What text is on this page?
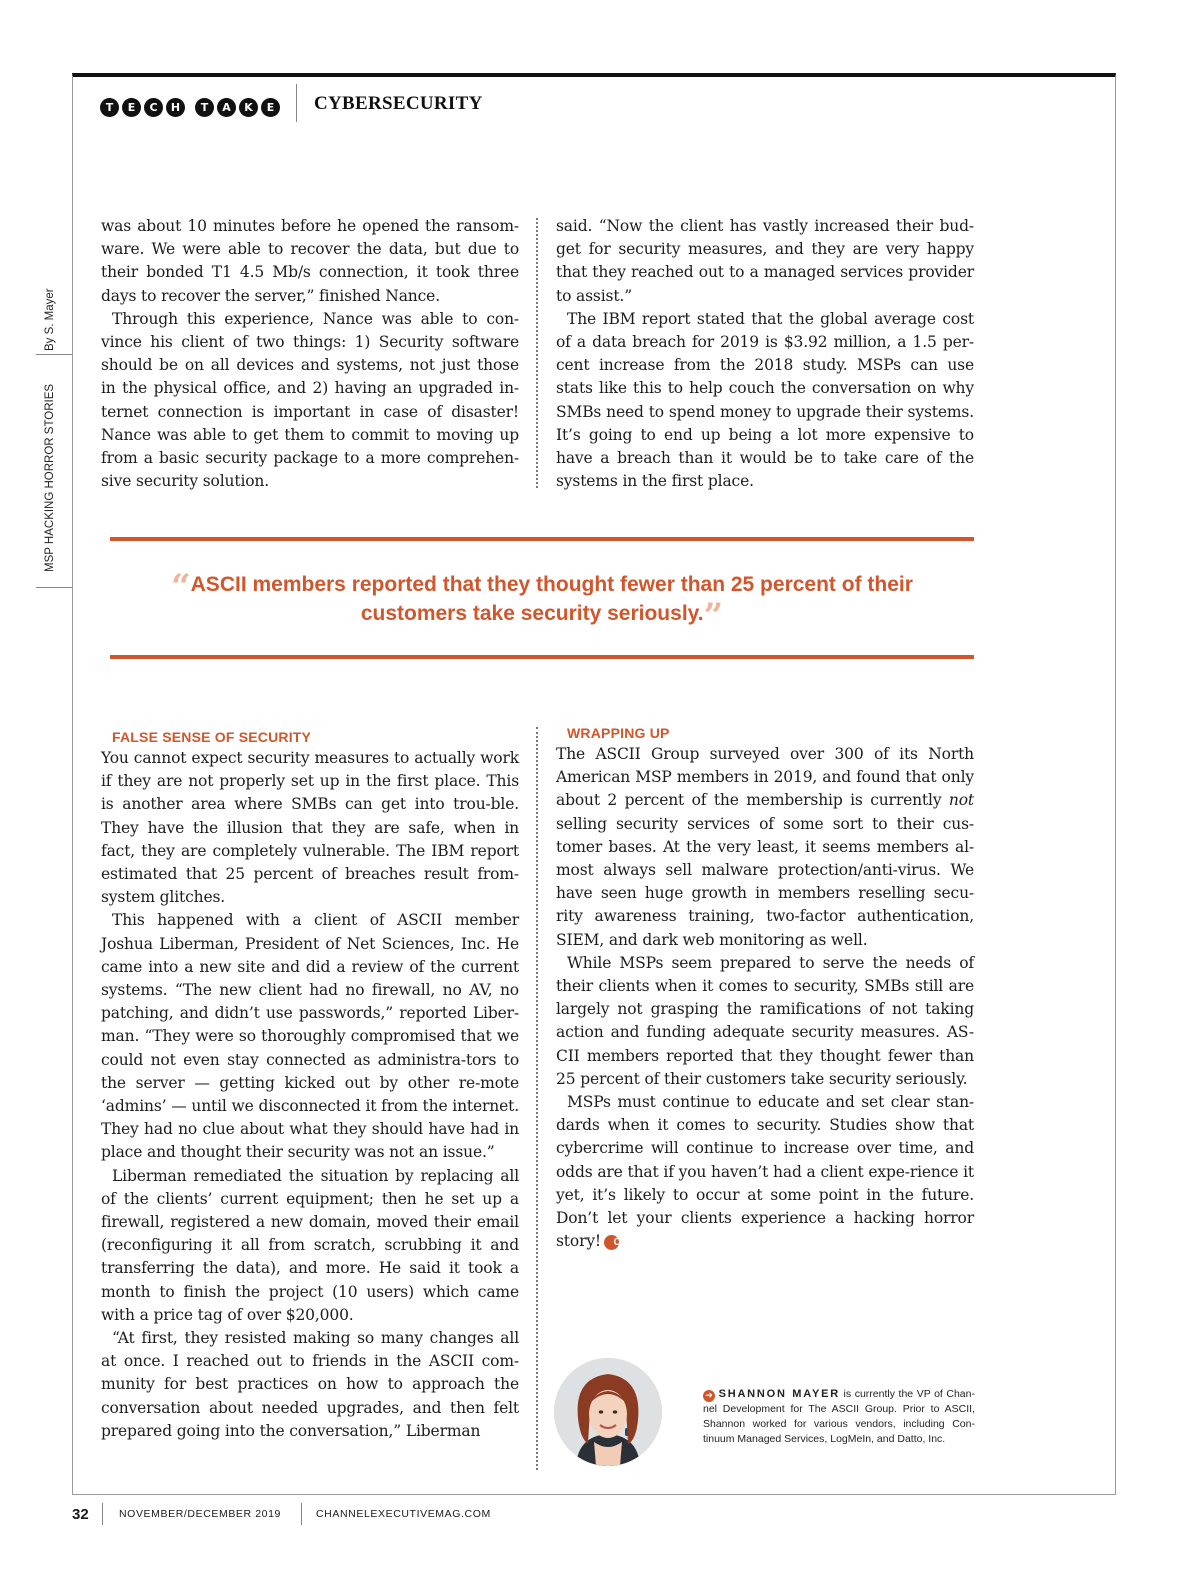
T	E	C	H	T	A	K	E	CYBERSECURITY
By S. Mayer
MSP HACKING HORROR STORIES

was about 10 minutes before he opened the ransom-ware. We were able to recover the data, but due to their bonded T1 4.5 Mb/s connection, it took three days to recover the server,” finished Nance.

Through this experience, Nance was able to con-vince his client of two things: 1) Security software should be on all devices and systems, not just those in the physical office, and 2) having an upgraded in-ternet connection is important in case of disaster! Nance was able to get them to commit to moving up from a basic security package to a more comprehen-sive security solution.

said. “Now the client has vastly increased their bud-get for security measures, and they are very happy that they reached out to a managed services provider to assist.”

The IBM report stated that the global average cost of a data breach for 2019 is $3.92 million, a 1.5 per-cent increase from the 2018 study. MSPs can use stats like this to help couch the conversation on why SMBs need to spend money to upgrade their systems. It’s going to end up being a lot more expensive to have a breach than it would be to take care of the systems in the first place.

“ASCII members reported that they thought fewer than 25 percent of their customers take security seriously.”

FALSE SENSE OF SECURITY

You cannot expect security measures to actually work if they are not properly set up in the first place. This is another area where SMBs can get into trou-ble. They have the illusion that they are safe, when in fact, they are completely vulnerable. The IBM report estimated that 25 percent of breaches result from-system glitches.

This happened with a client of ASCII member Joshua Liberman, President of Net Sciences, Inc. He came into a new site and did a review of the current systems. “The new client had no firewall, no AV, no patching, and didn’t use passwords,” reported Liber-man. “They were so thoroughly compromised that we could not even stay connected as administra-tors to the server — getting kicked out by other re-mote ‘admins’ — until we disconnected it from the internet. They had no clue about what they should have had in place and thought their security was not an issue.”

Liberman remediated the situation by replacing all of the clients’ current equipment; then he set up a firewall, registered a new domain, moved their email (reconfiguring it all from scratch, scrubbing it and transferring the data), and more. He said it took a month to finish the project (10 users) which came with a price tag of over $20,000.

“At first, they resisted making so many changes all at once. I reached out to friends in the ASCII com-munity for best practices on how to approach the conversation about needed upgrades, and then felt prepared going into the conversation,” Liberman

WRAPPING UP

The ASCII Group surveyed over 300 of its North American MSP members in 2019, and found that only about 2 percent of the membership is currently not selling security services of some sort to their cus-tomer bases. At the very least, it seems members al-most always sell malware protection/anti-virus. We have seen huge growth in members reselling secu-rity awareness training, two-factor authentication, SIEM, and dark web monitoring as well.

While MSPs seem prepared to serve the needs of their clients when it comes to security, SMBs still are largely not grasping the ramifications of not taking action and funding adequate security measures. AS-CII members reported that they thought fewer than 25 percent of their customers take security seriously.

MSPs must continue to educate and set clear stan-dards when it comes to security. Studies show that cybercrime will continue to increase over time, and odds are that if you haven’t had a client expe-rience it yet, it’s likely to occur at some point in the future. Don’t let your clients experience a hacking horror story! C

➜ SHANNON MAYER is currently the VP of Chan-nel Development for The ASCII Group. Prior to ASCII, Shannon worked for various vendors, including Con-tinuum Managed Services, LogMeIn, and Datto, Inc.
32	NOVEMBER/DECEMBER 2019	CHANNELEXECUTIVEMAG.COM
